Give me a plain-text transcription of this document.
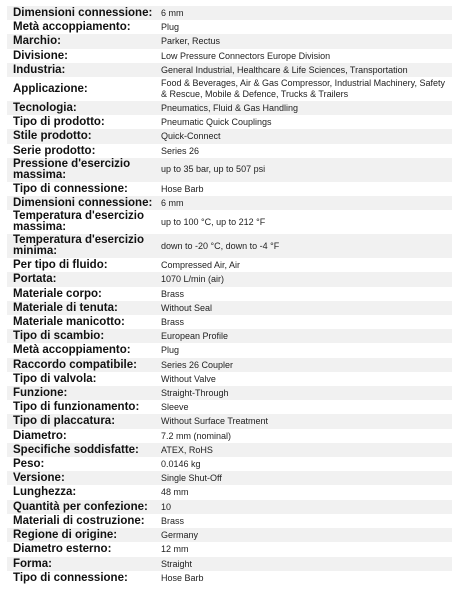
Dimensioni connessione:	6 mm
Metà accoppiamento:	Plug
Marchio:	Parker, Rectus
Divisione:	Low Pressure Connectors Europe Division
Industria:	General Industrial, Healthcare & Life Sciences, Transportation
Applicazione:	Food & Beverages, Air & Gas Compressor, Industrial Machinery, Safety & Rescue, Mobile & Defence, Trucks & Trailers
Tecnologia:	Pneumatics, Fluid & Gas Handling
Tipo di prodotto:	Pneumatic Quick Couplings
Stile prodotto:	Quick-Connect
Serie prodotto:	Series 26
Pressione d'esercizio massima:	up to 35 bar, up to 507 psi
Tipo di connessione:	Hose Barb
Dimensioni connessione:	6 mm
Temperatura d'esercizio massima:	up to 100 °C, up to 212 °F
Temperatura d'esercizio minima:	down to -20 °C, down to -4 °F
Per tipo di fluido:	Compressed Air, Air
Portata:	1070 L/min (air)
Materiale corpo:	Brass
Materiale di tenuta:	Without Seal
Materiale manicotto:	Brass
Tipo di scambio:	European Profile
Metà accoppiamento:	Plug
Raccordo compatibile:	Series 26 Coupler
Tipo di valvola:	Without Valve
Funzione:	Straight-Through
Tipo di funzionamento:	Sleeve
Tipo di placcatura:	Without Surface Treatment
Diametro:	7.2 mm (nominal)
Specifiche soddisfatte:	ATEX, RoHS
Peso:	0.0146 kg
Versione:	Single Shut-Off
Lunghezza:	48 mm
Quantità per confezione:	10
Materiali di costruzione:	Brass
Regione di origine:	Germany
Diametro esterno:	12 mm
Forma:	Straight
Tipo di connessione:	Hose Barb
